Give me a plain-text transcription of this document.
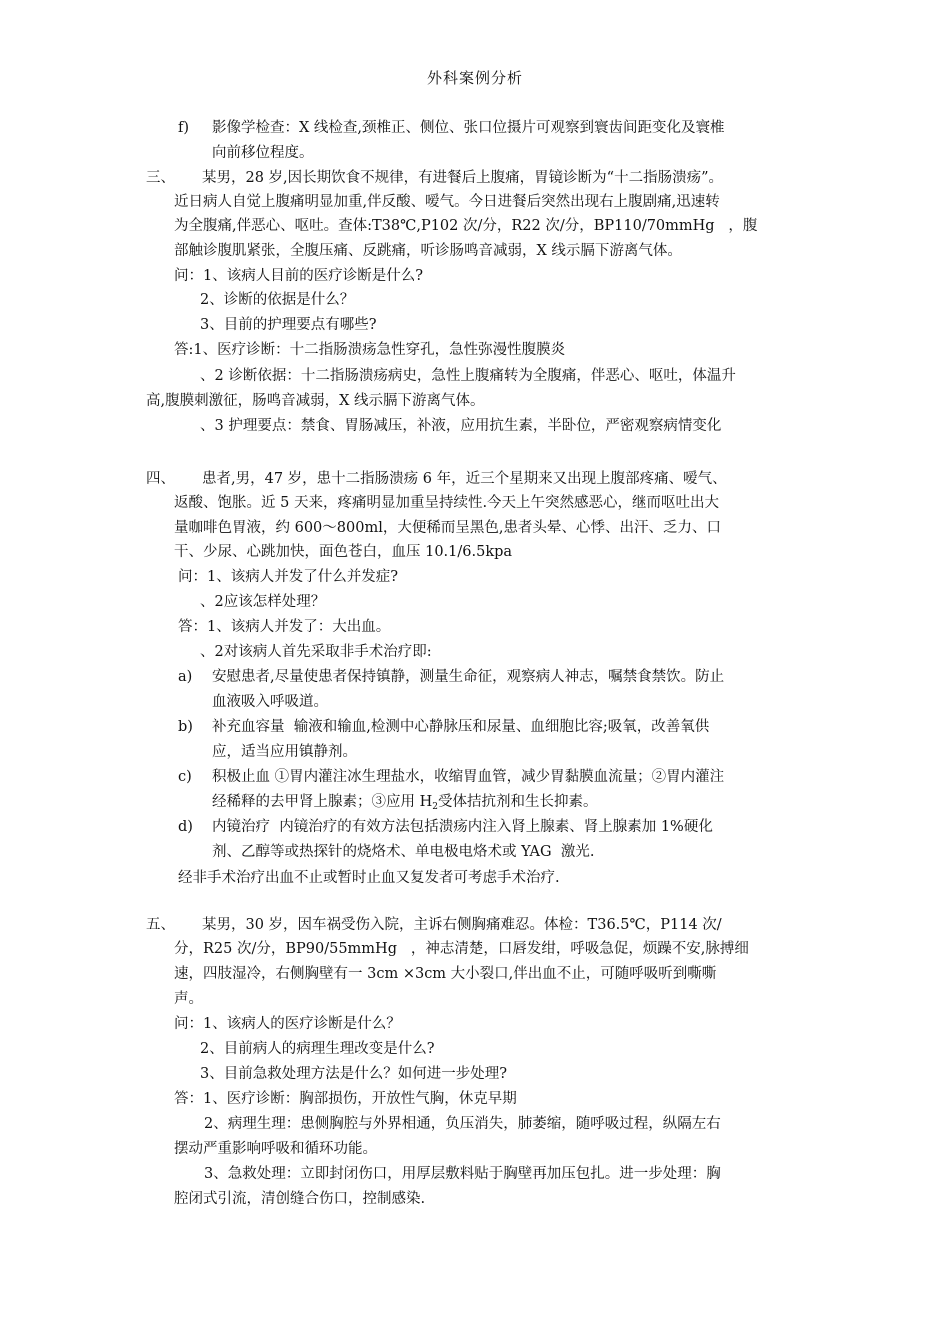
外科案例分析
f) 影像学检查：X 线检查,颈椎正、侧位、张口位摄片可观察到寰齿间距变化及寰椎
向前移位程度。
三、 某男，28 岁,因长期饮食不规律，有进餐后上腹痛，胃镜诊断为“十二指肠溃疡”。
近日病人自觉上腹痛明显加重,伴反酸、嗳气。今日进餐后突然出现右上腹剧痛,迅速转
为全腹痛,伴恶心、呕吐。查体:T38℃,P102 次/分，R22 次/分，BP110/70mmHg   ，腹
部触诊腹肌紧张，全腹压痛、反跳痛，听诊肠鸣音减弱，X 线示膈下游离气体。
问：1、该病人目前的医疗诊断是什么?
2、诊断的依据是什么？
3、目前的护理要点有哪些?
答:1、医疗诊断：十二指肠溃疡急性穿孔，急性弥漫性腹膜炎
⁠、2 诊断依据：十二指肠溃疡病史，急性上腹痛转为全腹痛，伴恶心、呕吐，体温升
高,腹膜刺激征，肠鸣音减弱，X 线示膈下游离气体。
、3 护理要点：禁食、胃肠减压，补液，应用抗生素，半卧位，严密观察病情变化
四、 患者,男，47 岁，患十二指肠溃疡 6 年，近三个星期来又出现上腹部疼痛、嗳气、
返酸、饱胀。近 5 天来，疼痛明显加重呈持续性.今天上午突然感恶心，继而呕吐出大
量咖啡色胃液，约 600～800ml，大便稀而呈黑色,患者头晕、心悸、出汗、乏力、口
干、少尿、心跳加快，面色苍白，血压 10.1/6.5kpa
问：1、该病人并发了什么并发症?
、2应该怎样处理？
答：1、该病人并发了：大出血。
、2对该病人首先采取非手术治疗即:
a) 安慰患者,尽量使患者保持镇静，测量生命征，观察病人神志，嘱禁食禁饮。防止
血液吸入呼吸道。
b) 补充血容量  输液和输血,检测中心静脉压和尿量、血细胞比容;吸氧，改善氧供
应，适当应用镇静剂。
c) 积极止血 ①胃内灌注冰生理盐水，收缩胃血管，减少胃黏膜血流量；②胃内灌注
经稀释的去甲肾上腺素；③应用 $H_2$受体拮抗剂和生长抑素。
d) 内镜治疗  内镜治疗的有效方法包括溃疡内注入肾上腺素、肾上腺素加 1%硬化
剂、乙醇等或热探针的烧烙术、单电极电烙术或 YAG  激光.
经非手术治疗出血不止或暂时止血又复发者可考虑手术治疗.
五、 某男，30 岁，因车祸受伤入院，主诉右侧胸痛难忍。体检：T36.5℃，P114 次/
分，R25 次/分，BP90/55mmHg   ，神志清楚，口唇发绀，呼吸急促，烦躁不安,脉搏细
速，四肢湿冷，右侧胸壁有一 3cm ×3cm 大小裂口,伴出血不止，可随呼吸听到嘶嘶
声。
问：1、该病人的医疗诊断是什么？
2、目前病人的病理生理改变是什么?
3、目前急救处理方法是什么？如何进一步处理?
答：1、医疗诊断：胸部损伤，开放性气胸，休克早期
2、病理生理：患侧胸腔与外界相通，负压消失，肺萎缩，随呼吸过程，纵隔左右
摆动严重影响呼吸和循环功能。
3、急救处理：立即封闭伤口，用厚层敷料贴于胸壁再加压包扎。进一步处理：胸
腔闭式引流，清创缝合伤口，控制感染.
